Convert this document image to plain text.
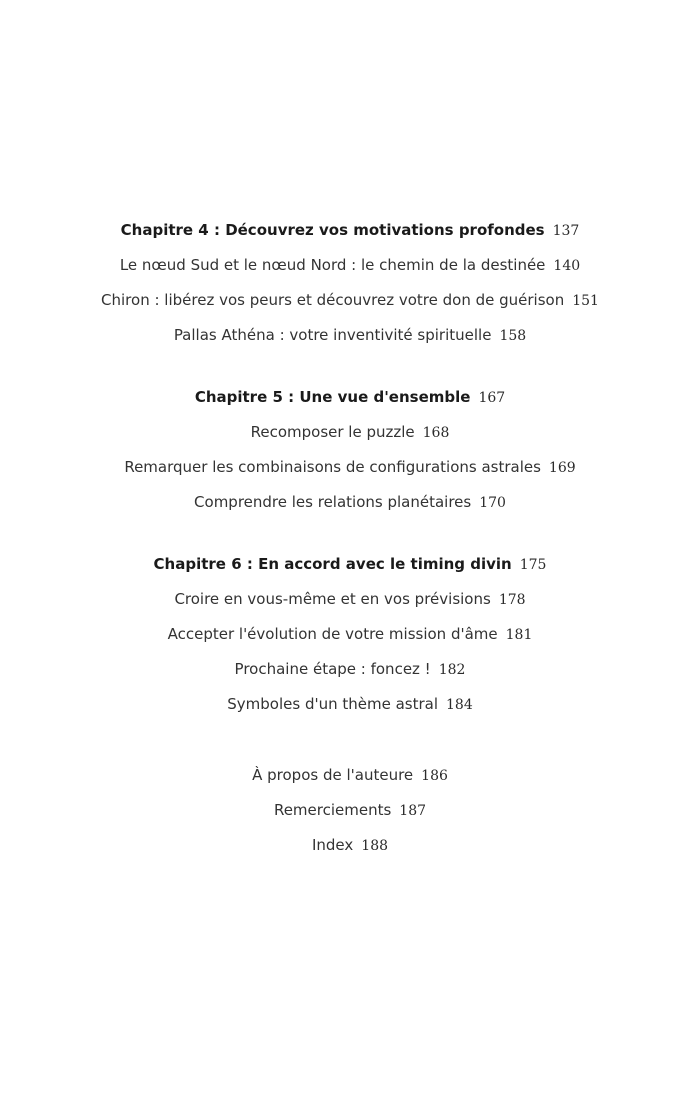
Chapitre 4 : Découvrez vos motivations profondes 137
Le nœud Sud et le nœud Nord : le chemin de la destinée 140
Chiron : libérez vos peurs et découvrez votre don de guérison 151
Pallas Athéna : votre inventivité spirituelle 158
Chapitre 5 : Une vue d'ensemble 167
Recomposer le puzzle 168
Remarquer les combinaisons de configurations astrales 169
Comprendre les relations planétaires 170
Chapitre 6 : En accord avec le timing divin 175
Croire en vous-même et en vos prévisions 178
Accepter l'évolution de votre mission d'âme 181
Prochaine étape : foncez ! 182
Symboles d'un thème astral 184
À propos de l'auteure 186
Remerciements 187
Index 188
